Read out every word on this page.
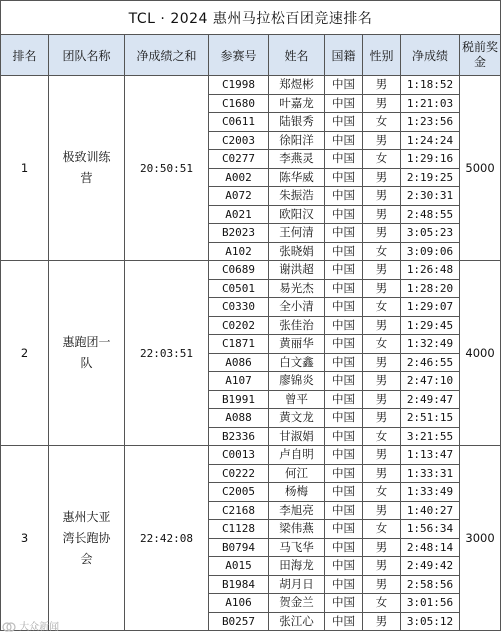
TCL · 2024 惠州马拉松百团竞速排名								
排名	团队名称	净成绩之和	参赛号	姓名	国籍	性别	净成绩	税前奖金
1	极致训练营	20:50:51	C1998	郑煜彬	中国	男	1:18:52	5000
			C1680	叶嘉龙	中国	男	1:21:03	
			C0611	陆银秀	中国	女	1:23:56	
			C2003	徐阳洋	中国	男	1:24:24	
			C0277	李燕灵	中国	女	1:29:16	
			A002	陈华威	中国	男	2:19:25	
			A072	朱振浩	中国	男	2:30:31	
			A021	欧阳汉	中国	男	2:48:55	
			B2023	王何清	中国	男	3:05:23	
			A102	张晓娟	中国	女	3:09:06	
2	惠跑团一队	22:03:51	C0689	谢洪超	中国	男	1:26:48	4000
			C0501	易光杰	中国	男	1:28:20	
			C0330	全小清	中国	女	1:29:07	
			C0202	张佳治	中国	男	1:29:45	
			C1871	黄丽华	中国	女	1:32:49	
			A086	白文鑫	中国	男	2:46:55	
			A107	廖锦炎	中国	男	2:47:10	
			B1991	曾平	中国	男	2:49:47	
			A088	黄文龙	中国	男	2:51:15	
			B2336	甘淑娟	中国	女	3:21:55	
3	惠州大亚湾长跑协会	22:42:08	C0013	卢自明	中国	男	1:13:47	3000
			C0222	何江	中国	男	1:33:31	
			C2005	杨梅	中国	女	1:33:49	
			C2168	李旭亮	中国	男	1:40:27	
			C1128	梁伟燕	中国	女	1:56:34	
			B0794	马飞华	中国	男	2:48:14	
			A015	田海龙	中国	男	2:49:42	
			B1984	胡月日	中国	男	2:58:56	
			A106	贺金兰	中国	女	3:01:56	
			B0257	张江心	中国	男	3:05:12	
大众新闻
